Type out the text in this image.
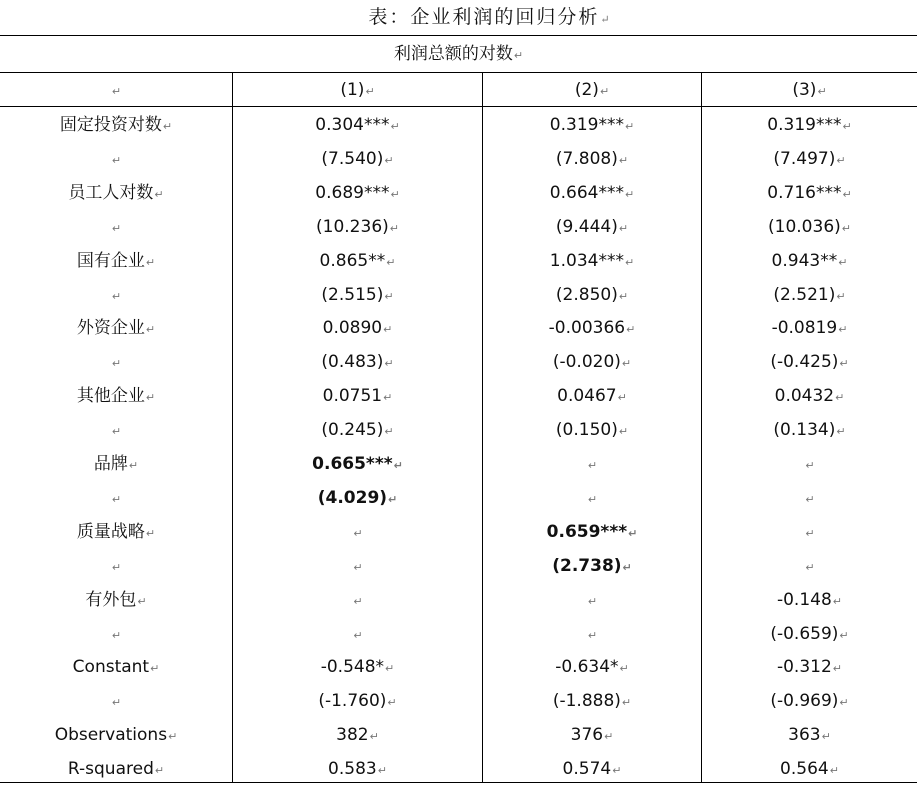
表：企业利润的回归分析↵
利润总额的对数↵
↵	(1)↵	(2)↵	(3)↵
固定投资对数↵	0.304***↵	0.319***↵	0.319***↵
↵	(7.540)↵	(7.808)↵	(7.497)↵
员工人对数↵	0.689***↵	0.664***↵	0.716***↵
↵	(10.236)↵	(9.444)↵	(10.036)↵
国有企业↵	0.865**↵	1.034***↵	0.943**↵
↵	(2.515)↵	(2.850)↵	(2.521)↵
外资企业↵	0.0890↵	-0.00366↵	-0.0819↵
↵	(0.483)↵	(-0.020)↵	(-0.425)↵
其他企业↵	0.0751↵	0.0467↵	0.0432↵
↵	(0.245)↵	(0.150)↵	(0.134)↵
品牌↵	0.665***↵	↵	↵
↵	(4.029)↵	↵	↵
质量战略↵	↵	0.659***↵	↵
↵	↵	(2.738)↵	↵
有外包↵	↵	↵	-0.148↵
↵	↵	↵	(-0.659)↵
Constant↵	-0.548*↵	-0.634*↵	-0.312↵
↵	(-1.760)↵	(-1.888)↵	(-0.969)↵
Observations↵	382↵	376↵	363↵
R-squared↵	0.583↵	0.574↵	0.564↵
